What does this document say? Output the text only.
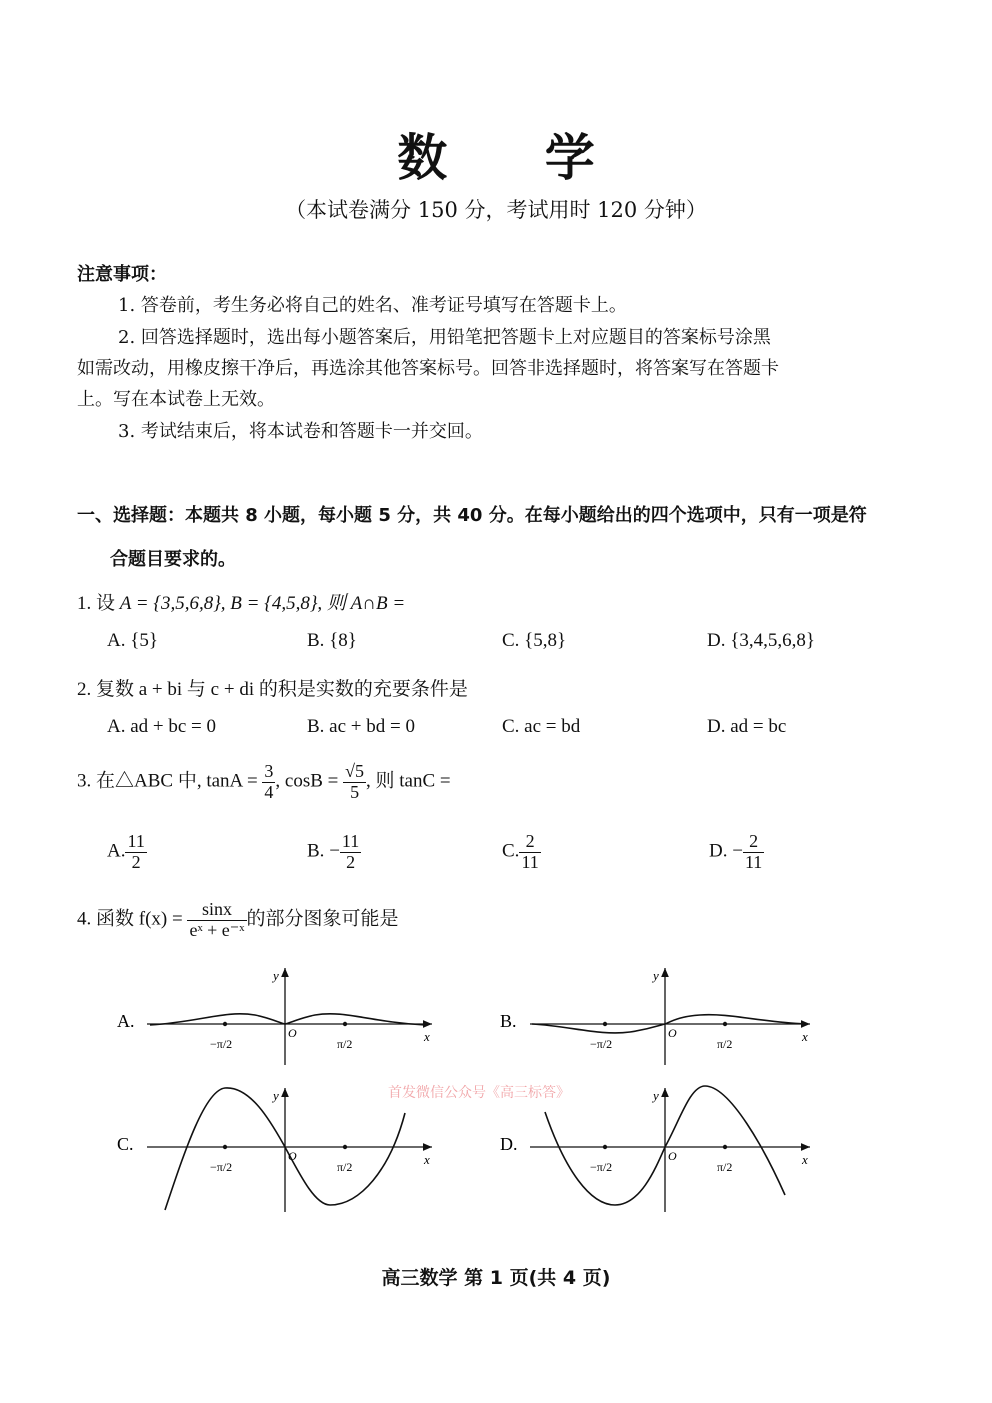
数 学
（本试卷满分 150 分，考试用时 120 分钟）
注意事项：
1. 答卷前，考生务必将自己的姓名、准考证号填写在答题卡上。
2. 回答选择题时，选出每小题答案后，用铅笔把答题卡上对应题目的答案标号涂黑
如需改动，用橡皮擦干净后，再选涂其他答案标号。回答非选择题时，将答案写在答题卡
上。写在本试卷上无效。
3. 考试结束后，将本试卷和答题卡一并交回。
一、选择题：本题共 8 小题，每小题 5 分，共 40 分。在每小题给出的四个选项中，只有一项是符
合题目要求的。
1. 设 A = {3,5,6,8}, B = {4,5,8}, 则 A∩B =
A. {5}	B. {8}	C. {5,8}	D. {3,4,5,6,8}
2. 复数 a + bi 与 c + di 的积是实数的充要条件是
A. ad + bc = 0	B. ac + bd = 0	C. ac = bd	D. ad = bc
3. 在△ABC 中, $\tan A = \frac{3}{4}$ , $\cos B = \frac{√5}{5}$ , 则 tanC =
A. $\frac{11}{2}$	B. − $\frac{11}{2}$	C. $\frac{2}{11}$	D. − $\frac{2}{11}$
4. 函数 $f(x) = \frac{\sin x}{\text{eˣ + e⁻ˣ}}$ 的部分图象可能是
A.
y
O	x
−π/2	π/2
B.
y
O	x
−π/2	π/2
C.
y
O	x
−π/2	π/2
D.
y
O	x
−π/2	π/2
首发微信公众号《高三标答》
高三数学 第 1 页(共 4 页)
